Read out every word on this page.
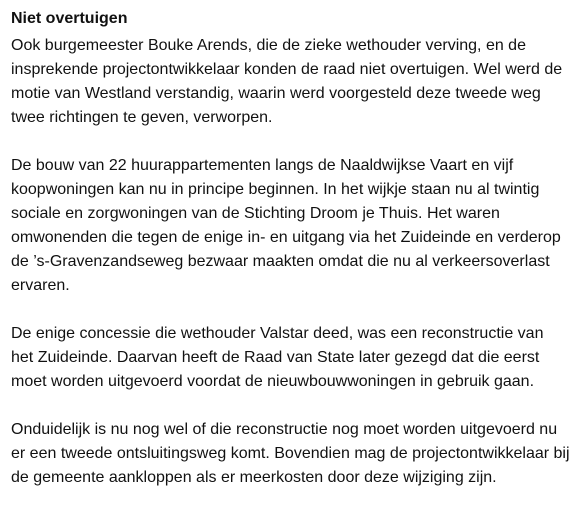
Niet overtuigen

Ook burgemeester Bouke Arends, die de zieke wethouder verving, en de
insprekende projectontwikkelaar konden de raad niet overtuigen. Wel werd de
motie van Westland verstandig, waarin werd voorgesteld deze tweede weg
twee richtingen te geven, verworpen.

De bouw van 22 huurappartementen langs de Naaldwijkse Vaart en vijf
koopwoningen kan nu in principe beginnen. In het wijkje staan nu al twintig
sociale en zorgwoningen van de Stichting Droom je Thuis. Het waren
omwonenden die tegen de enige in- en uitgang via het Zuideinde en verderop
de ’s-Gravenzandseweg bezwaar maakten omdat die nu al verkeersoverlast
ervaren.

De enige concessie die wethouder Valstar deed, was een reconstructie van
het Zuideinde. Daarvan heeft de Raad van State later gezegd dat die eerst
moet worden uitgevoerd voordat de nieuwbouwwoningen in gebruik gaan.

Onduidelijk is nu nog wel of die reconstructie nog moet worden uitgevoerd nu
er een tweede ontsluitingsweg komt. Bovendien mag de projectontwikkelaar bij
de gemeente aankloppen als er meerkosten door deze wijziging zijn.
